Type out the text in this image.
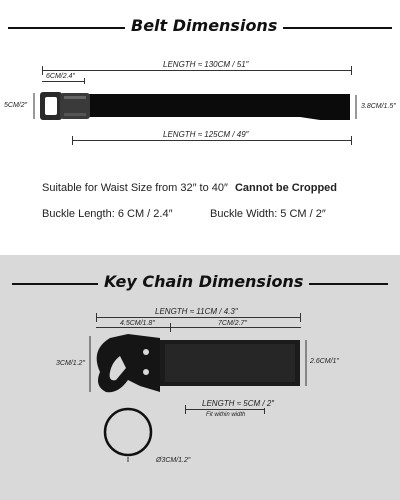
Belt Dimensions
LENGTH ≈ 130CM / 51″
6CM/2.4″
5CM/2″	3.8CM/1.5″
LENGTH ≈ 125CM / 49″
Suitable for Waist Size from 32″ to 40″ Cannot be Cropped
Buckle Length: 6 CM / 2.4″	Buckle Width: 5 CM / 2″
Key Chain Dimensions
LENGTH ≈ 11CM / 4.3″
4.5CM/1.8″	7CM/2.7″
3CM/1.2″	2.6CM/1″
LENGTH ≈ 5CM / 2″
Fit within width
Ø3CM/1.2″
